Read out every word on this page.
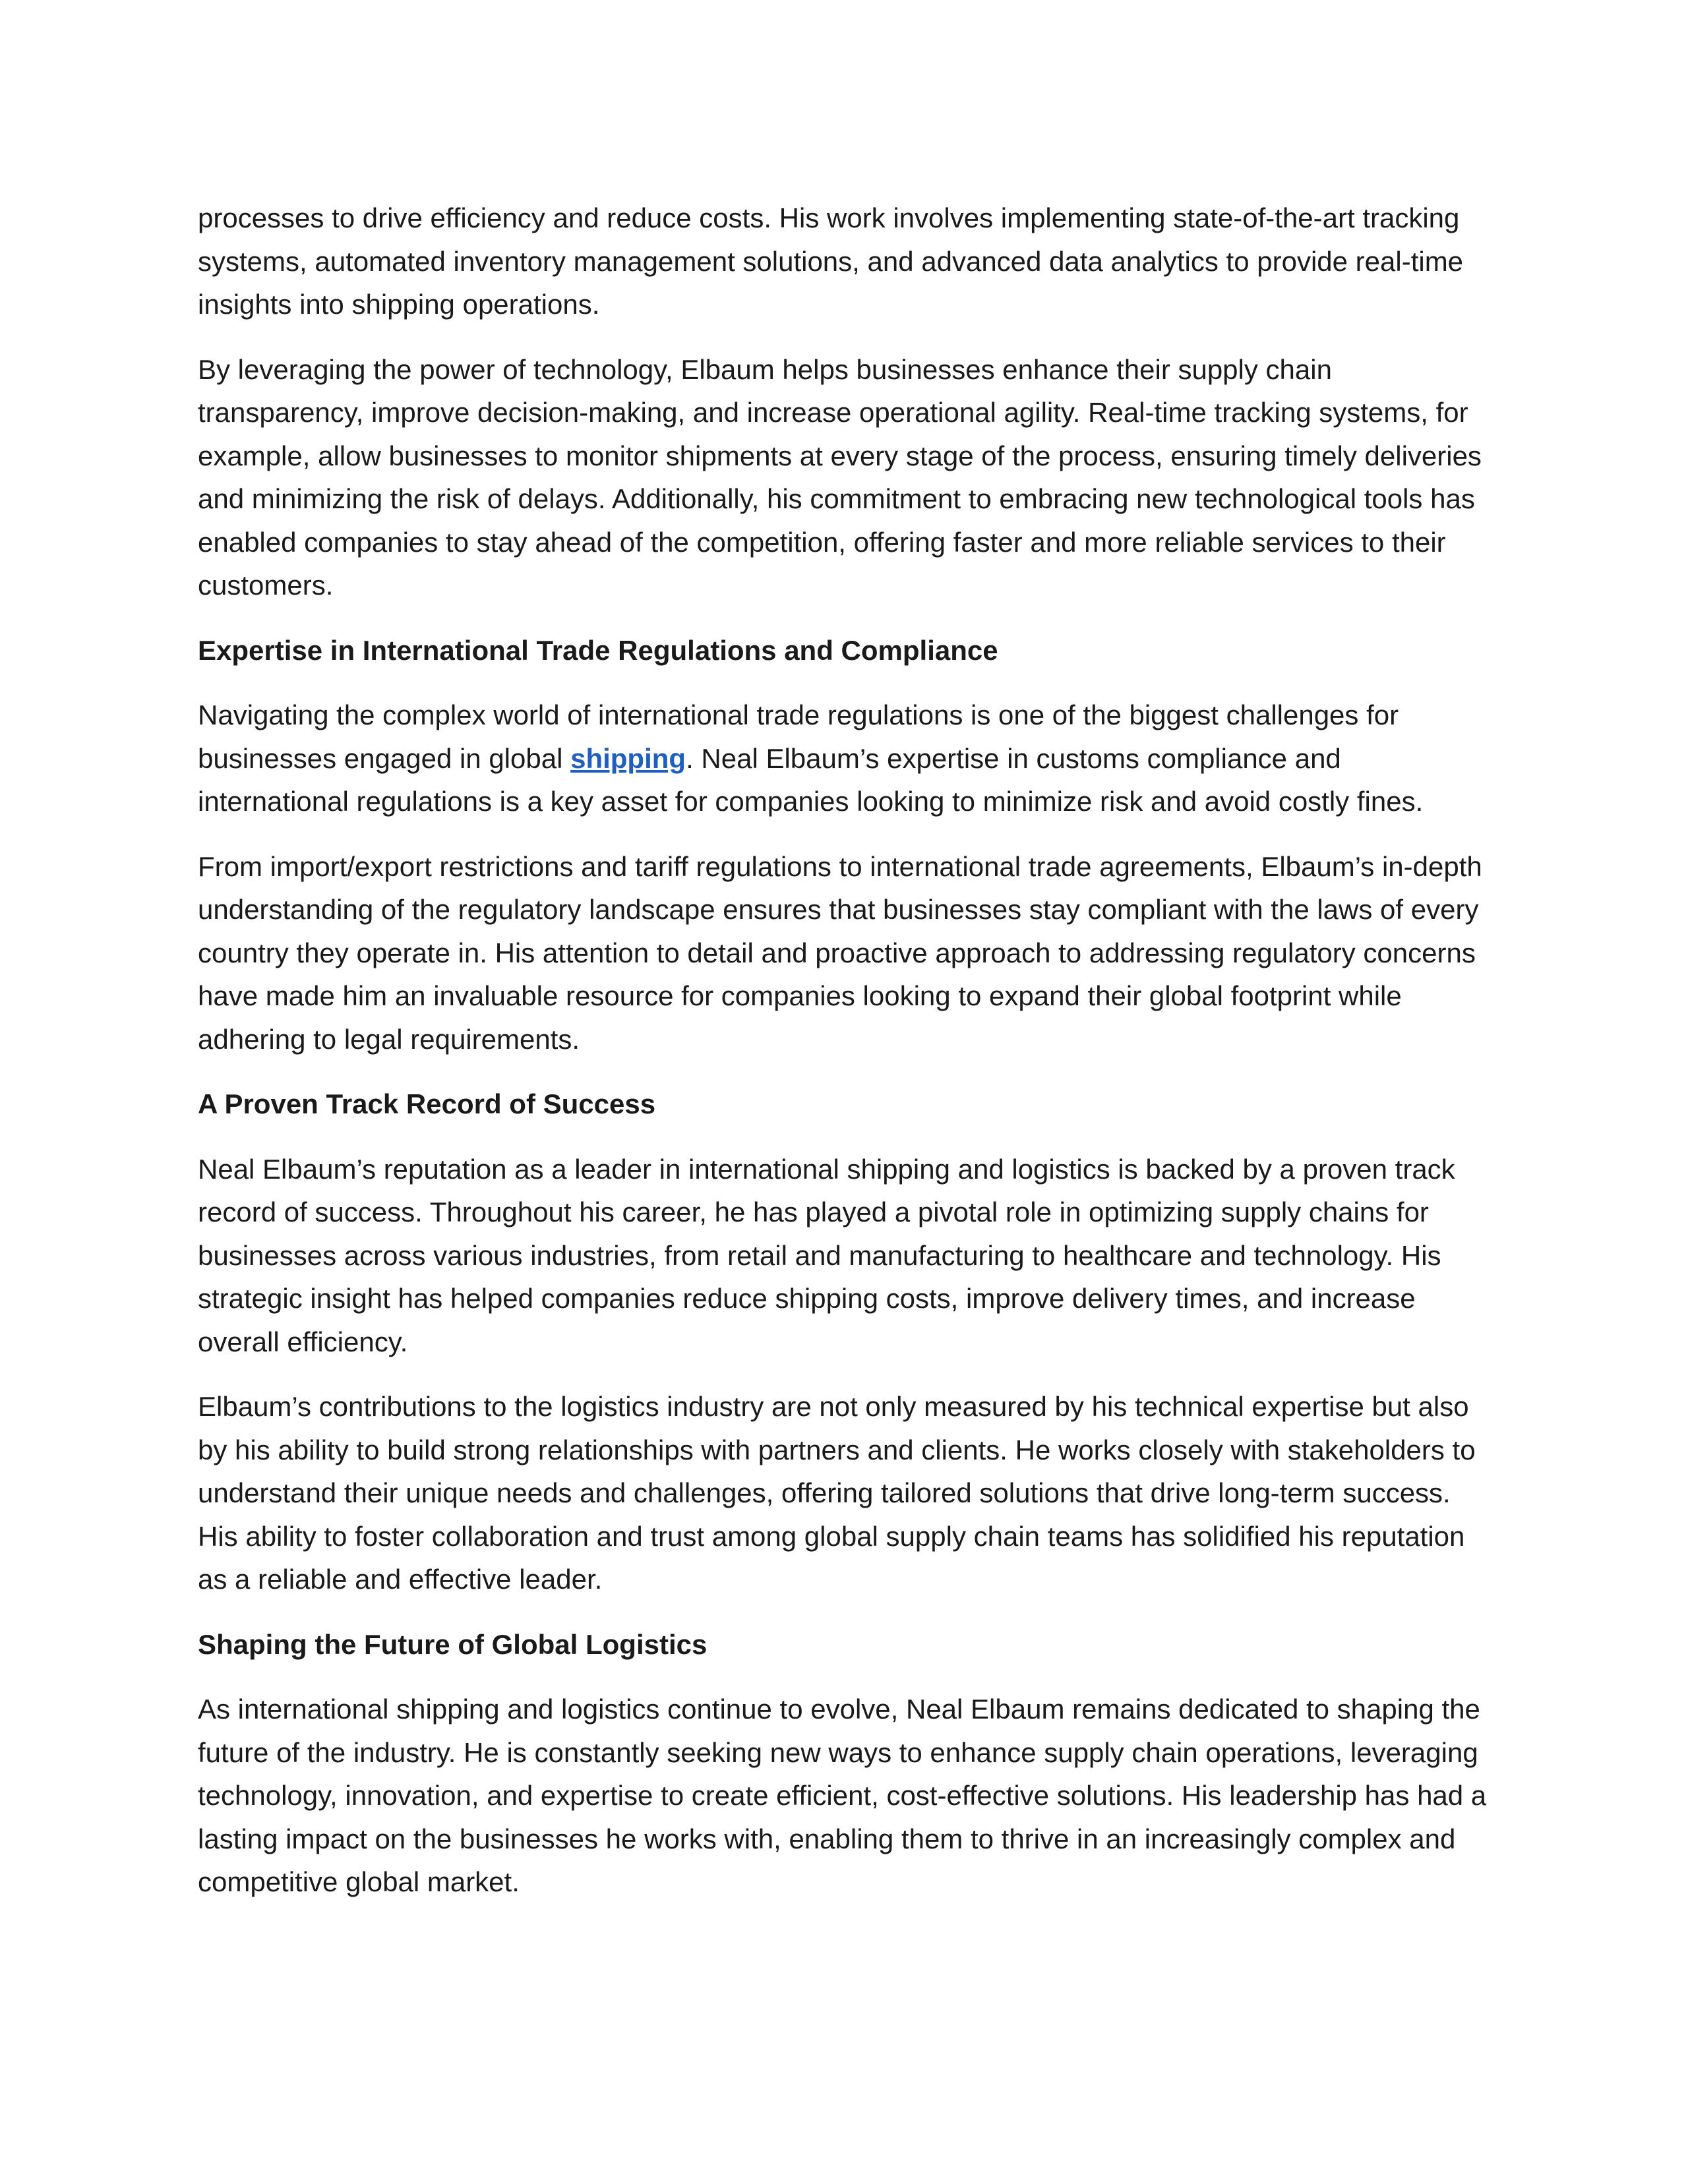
processes to drive efficiency and reduce costs. His work involves implementing state-of-the-art tracking systems, automated inventory management solutions, and advanced data analytics to provide real-time insights into shipping operations.

By leveraging the power of technology, Elbaum helps businesses enhance their supply chain transparency, improve decision-making, and increase operational agility. Real-time tracking systems, for example, allow businesses to monitor shipments at every stage of the process, ensuring timely deliveries and minimizing the risk of delays. Additionally, his commitment to embracing new technological tools has enabled companies to stay ahead of the competition, offering faster and more reliable services to their customers.

Expertise in International Trade Regulations and Compliance

Navigating the complex world of international trade regulations is one of the biggest challenges for businesses engaged in global shipping. Neal Elbaum’s expertise in customs compliance and international regulations is a key asset for companies looking to minimize risk and avoid costly fines.

From import/export restrictions and tariff regulations to international trade agreements, Elbaum’s in-depth understanding of the regulatory landscape ensures that businesses stay compliant with the laws of every country they operate in. His attention to detail and proactive approach to addressing regulatory concerns have made him an invaluable resource for companies looking to expand their global footprint while adhering to legal requirements.

A Proven Track Record of Success

Neal Elbaum’s reputation as a leader in international shipping and logistics is backed by a proven track record of success. Throughout his career, he has played a pivotal role in optimizing supply chains for businesses across various industries, from retail and manufacturing to healthcare and technology. His strategic insight has helped companies reduce shipping costs, improve delivery times, and increase overall efficiency.

Elbaum’s contributions to the logistics industry are not only measured by his technical expertise but also by his ability to build strong relationships with partners and clients. He works closely with stakeholders to understand their unique needs and challenges, offering tailored solutions that drive long-term success. His ability to foster collaboration and trust among global supply chain teams has solidified his reputation as a reliable and effective leader.

Shaping the Future of Global Logistics

As international shipping and logistics continue to evolve, Neal Elbaum remains dedicated to shaping the future of the industry. He is constantly seeking new ways to enhance supply chain operations, leveraging technology, innovation, and expertise to create efficient, cost-effective solutions. His leadership has had a lasting impact on the businesses he works with, enabling them to thrive in an increasingly complex and competitive global market.
